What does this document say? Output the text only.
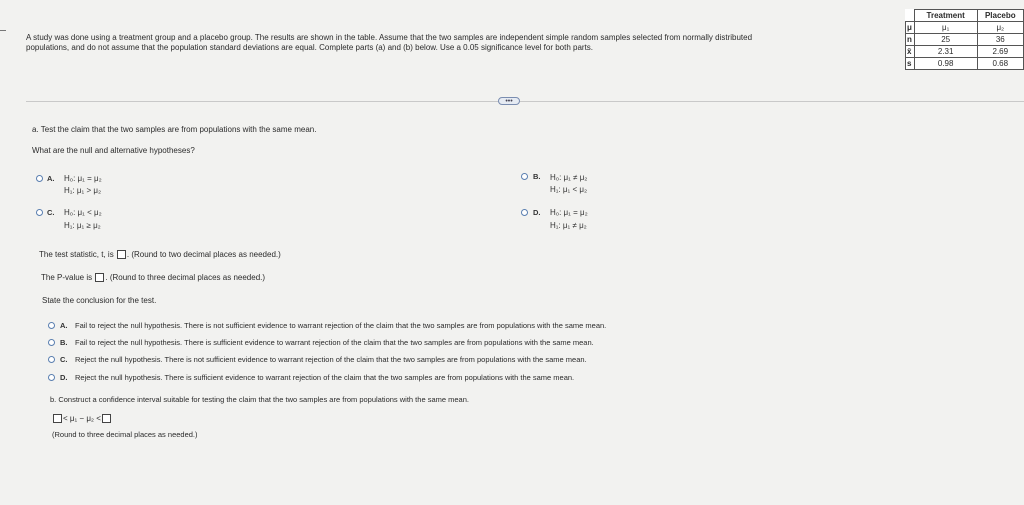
A study was done using a treatment group and a placebo group. The results are shown in the table. Assume that the two samples are independent simple random samples selected from normally distributed
populations, and do not assume that the population standard deviations are equal. Complete parts (a) and (b) below. Use a 0.05 significance level for both parts.
	Treatment	Placebo
μ	μ₁	μ₂
n	25	36
x̄	2.31	2.69
s	0.98	0.68
•••
a. Test the claim that the two samples are from populations with the same mean.
What are the null and alternative hypotheses?
A. H₀: μ₁ = μ₂
H₁: μ₁ > μ₂
B. H₀: μ₁ ≠ μ₂
H₁: μ₁ < μ₂
C. H₀: μ₁ < μ₂
H₁: μ₁ ≥ μ₂
D. H₀: μ₁ = μ₂
H₁: μ₁ ≠ μ₂
The test statistic, t, is . (Round to two decimal places as needed.)
The P-value is . (Round to three decimal places as needed.)
State the conclusion for the test.
A. Fail to reject the null hypothesis. There is not sufficient evidence to warrant rejection of the claim that the two samples are from populations with the same mean.
B. Fail to reject the null hypothesis. There is sufficient evidence to warrant rejection of the claim that the two samples are from populations with the same mean.
C. Reject the null hypothesis. There is not sufficient evidence to warrant rejection of the claim that the two samples are from populations with the same mean.
D. Reject the null hypothesis. There is sufficient evidence to warrant rejection of the claim that the two samples are from populations with the same mean.
b. Construct a confidence interval suitable for testing the claim that the two samples are from populations with the same mean.
< μ₁ − μ₂ <
(Round to three decimal places as needed.)
